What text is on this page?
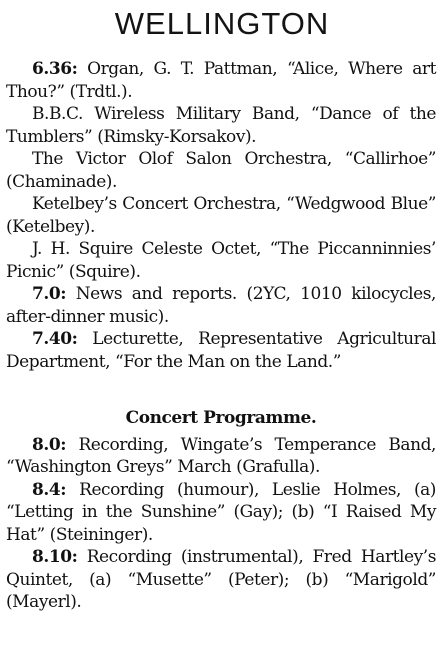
WELLINGTON

6.36: Organ, G. T. Pattman, “Alice, Where art Thou?” (Trdtl.).

B.B.C. Wireless Military Band, “Dance of the Tumblers” (Rimsky-Korsakov).

The Victor Olof Salon Orchestra, “Callirhoe” (Chaminade).

Ketelbey’s Concert Orchestra, “Wedgwood Blue” (Ketelbey).

J. H. Squire Celeste Octet, “The Piccanninnies’ Picnic” (Squire).

7.0: News and reports. (2YC, 1010 kilocycles, after-dinner music).

7.40: Lecturette, Representative Agricultural Department, “For the Man on the Land.”

Concert Programme.

8.0: Recording, Wingate’s Temperance Band, “Washington Greys” March (Grafulla).

8.4: Recording (humour), Leslie Holmes, (a) “Letting in the Sunshine” (Gay); (b) “I Raised My Hat” (Steininger).

8.10: Recording (instrumental), Fred Hartley’s Quintet, (a) “Musette” (Peter); (b) “Marigold” (Mayerl).
